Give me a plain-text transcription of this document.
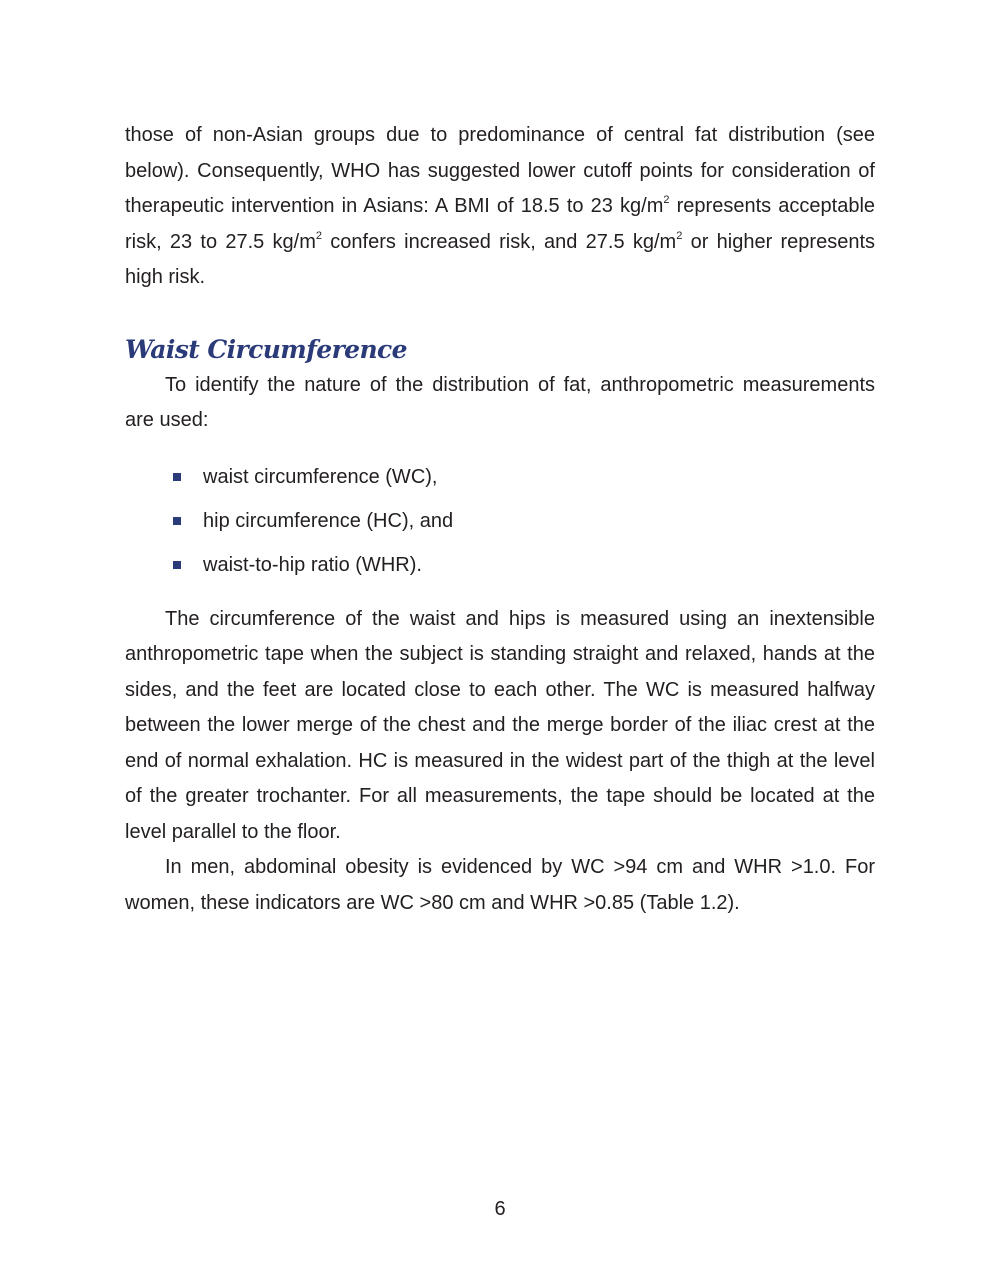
those of non-Asian groups due to predominance of central fat distribution (see below). Consequently, WHO has suggested lower cutoff points for consideration of therapeutic intervention in Asians: A BMI of 18.5 to 23 $kg/m^2$ represents acceptable risk, 23 to 27.5 $kg/m^2$ confers increased risk, and 27.5 $kg/m^2$ or higher represents high risk.

Waist Circumference

To identify the nature of the distribution of fat, anthropometric measurements are used:

waist circumference (WC),
hip circumference (HC), and
waist-to-hip ratio (WHR).

The circumference of the waist and hips is measured using an inextensible anthropometric tape when the subject is standing straight and relaxed, hands at the sides, and the feet are located close to each other. The WC is measured halfway between the lower merge of the chest and the merge border of the iliac crest at the end of normal exhalation. HC is measured in the widest part of the thigh at the level of the greater trochanter. For all measurements, the tape should be located at the level parallel to the floor.

In men, abdominal obesity is evidenced by WC >94 cm and WHR >1.0. For women, these indicators are WC >80 cm and WHR >0.85 (Table 1.2).

6
